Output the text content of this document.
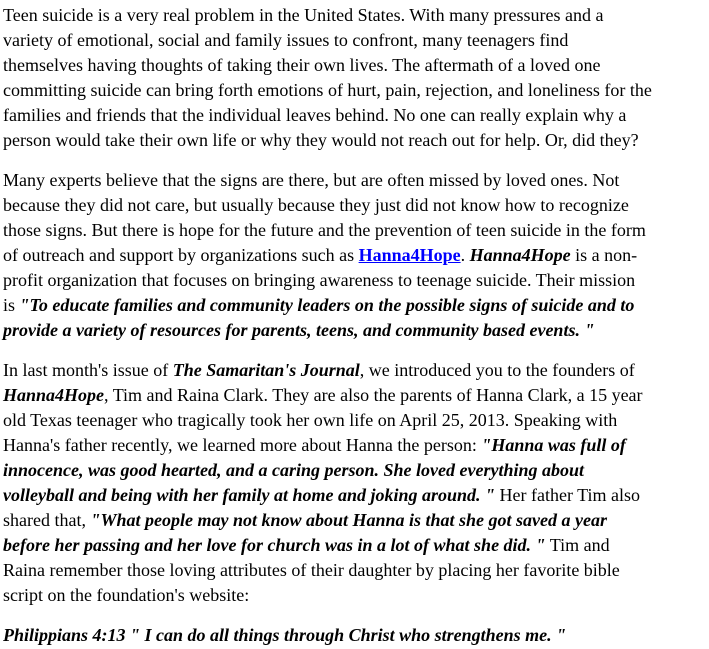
Teen suicide is a very real problem in the United States. With many pressures and a
variety of emotional, social and family issues to confront, many teenagers find
themselves having thoughts of taking their own lives. The aftermath of a loved one
committing suicide can bring forth emotions of hurt, pain, rejection, and loneliness for the
families and friends that the individual leaves behind. No one can really explain why a
person would take their own life or why they would not reach out for help. Or, did they?
Many experts believe that the signs are there, but are often missed by loved ones. Not
because they did not care, but usually because they just did not know how to recognize
those signs. But there is hope for the future and the prevention of teen suicide in the form
of outreach and support by organizations such as Hanna4Hope. Hanna4Hope is a non-
profit organization that focuses on bringing awareness to teenage suicide. Their mission
is "To educate families and community leaders on the possible signs of suicide and to
provide a variety of resources for parents, teens, and community based events. "
In last month's issue of The Samaritan's Journal, we introduced you to the founders of
Hanna4Hope, Tim and Raina Clark. They are also the parents of Hanna Clark, a 15 year
old Texas teenager who tragically took her own life on April 25, 2013. Speaking with
Hanna's father recently, we learned more about Hanna the person: "Hanna was full of
innocence, was good hearted, and a caring person. She loved everything about
volleyball and being with her family at home and joking around. " Her father Tim also
shared that, "What people may not know about Hanna is that she got saved a year
before her passing and her love for church was in a lot of what she did. " Tim and
Raina remember those loving attributes of their daughter by placing her favorite bible
script on the foundation's website:
Philippians 4:13 " I can do all things through Christ who strengthens me. "
